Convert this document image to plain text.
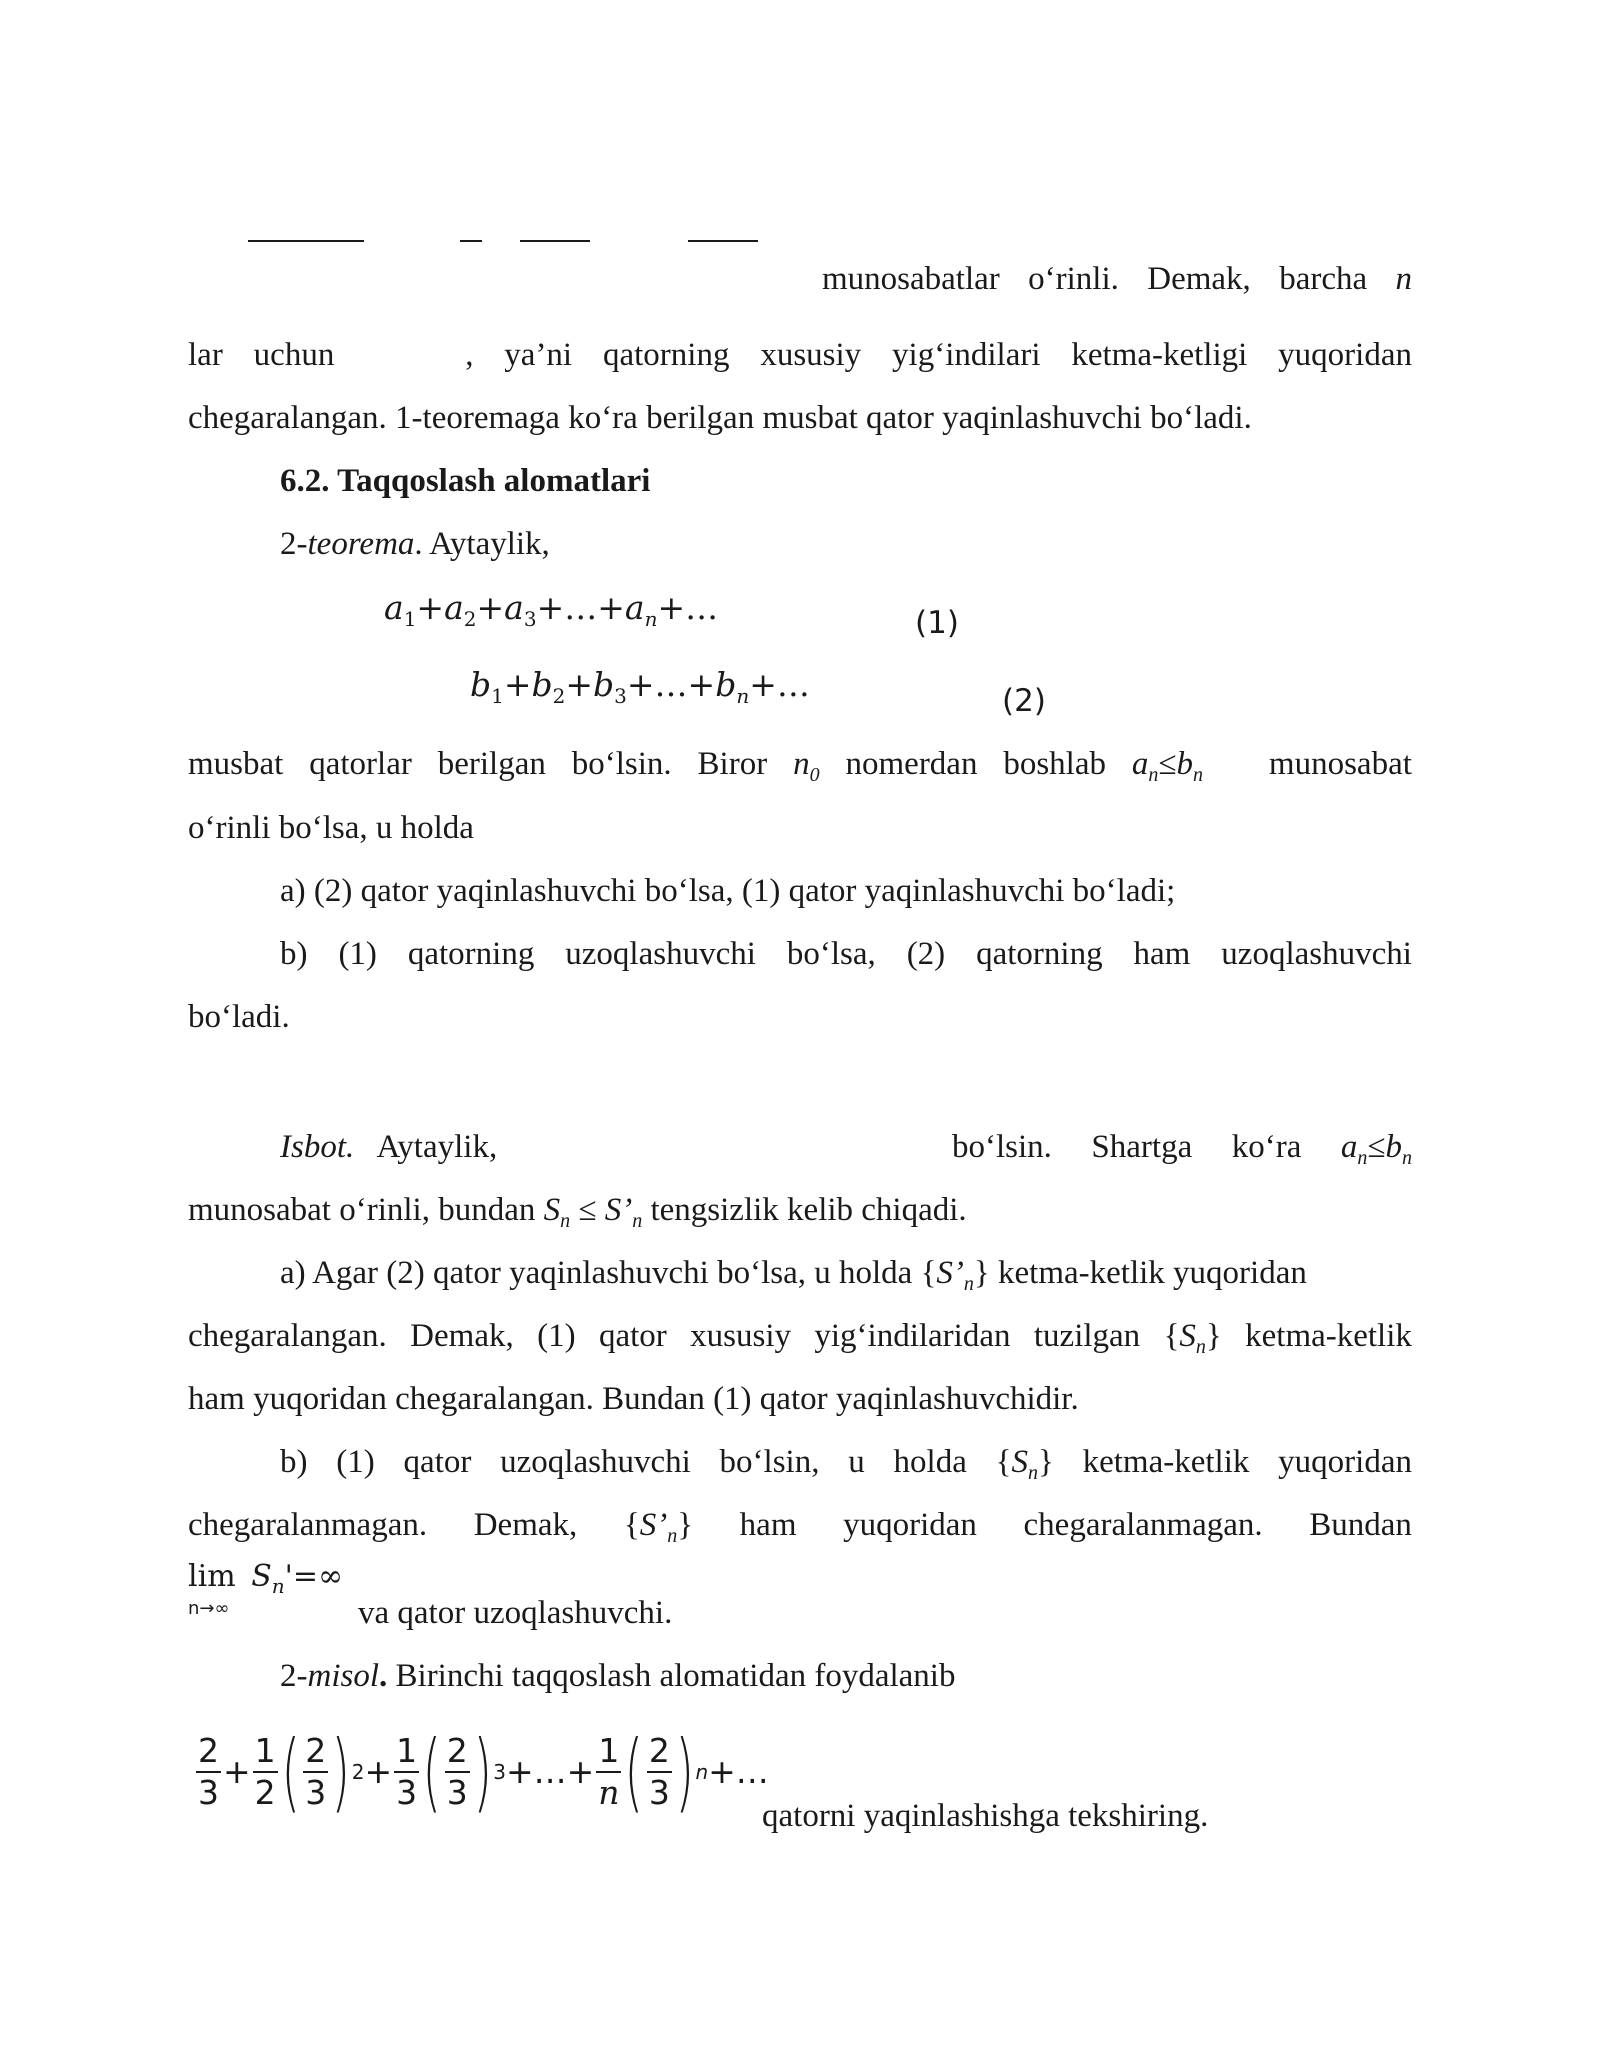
munosabatlar o‘rinli. Demak, barcha n
lar uchun	, ya’ni qatorning xususiy yig‘indilari ketma-ketligi yuqoridan
chegaralangan. 1-teoremaga ko‘ra berilgan musbat qator yaqinlashuvchi bo‘ladi.
6.2. Taqqoslash alomatlari
2-teorema. Aytaylik,
$a_1+a_2+a_3+\dots+a_n+\dots$	(1)
$b_1+b_2+b_3+\dots+b_n+\dots$	(2)
musbat qatorlar berilgan bo‘lsin. Biror $n_0$ nomerdan boshlab $a_n\le b_n$ munosabat
o‘rinli bo‘lsa, u holda
a) (2) qator yaqinlashuvchi bo‘lsa, (1) qator yaqinlashuvchi bo‘ladi;
b) (1) qatorning uzoqlashuvchi bo‘lsa, (2) qatorning ham uzoqlashuvchi
bo‘ladi.
Isbot. Aytaylik,	bo‘lsin. Shartga ko‘ra $a_n\le b_n$
munosabat o‘rinli, bundan $S_n$ ≤ $S’_n$ tengsizlik kelib chiqadi.
a) Agar (2) qator yaqinlashuvchi bo‘lsa, u holda $\{S’_n\}$ ketma-ketlik yuqoridan
chegaralangan. Demak, (1) qator xususiy yig‘indilaridan tuzilgan $\{S_n\}$ ketma-ketlik
ham yuqoridan chegaralangan. Bundan (1) qator yaqinlashuvchidir.
b) (1) qator uzoqlashuvchi bo‘lsin, u holda $\{S_n\}$ ketma-ketlik yuqoridan
chegaralanmagan. Demak, $\{S’_n\}$ ham yuqoridan chegaralanmagan. Bundan
$\lim S_n'=\infty$
n→∞	va qator uzoqlashuvchi.
2-misol. Birinchi taqqoslash alomatidan foydalanib
$\frac{2}{3} + \frac{1}{2}$ ( $\frac{2}{3}$ ) $2 + \frac{1}{3}$ ( $\frac{2}{3}$ ) 3 +…+ $\frac{1}{n}$ ( $\frac{2}{3}$ ) n +…
qatorni yaqinlashishga tekshiring.
